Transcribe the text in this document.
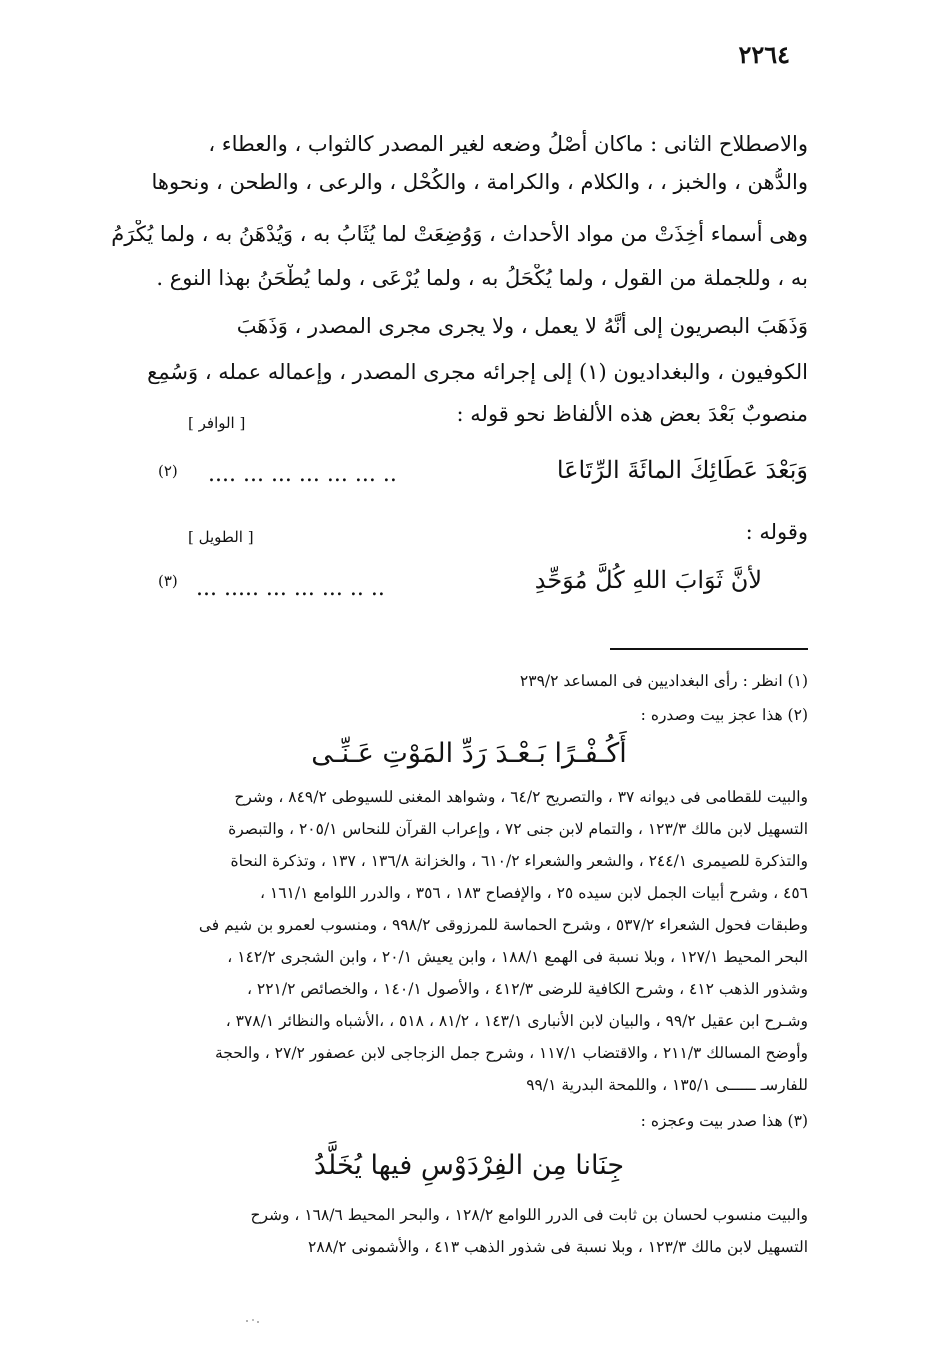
٢٢٦٤
والاصطلاح الثانى : ماكان أَصْلُ وضعه لغير المصدر كالثواب ، والعطاء ،
والدُّهن ، والخبز ، ، والكلام ، والكرامة ، والكُحْل ، والرعى ، والطحن ، ونحوها
وهى أسماء أُخِذَتْ من مواد الأحداث ، وَوُضِعَتْ لما يُثَابُ به ، وَيُدْهَنُ به ، ولما يُكْرَمُ
به ، وللجملة من القول ، ولما يُكْحَلُ به ، ولما يُرْعَى ، ولما يُطْحَنُ بهذا النوع .
وَذَهَبَ البصريون إلى أَنَّهُ لا يعمل ، ولا يجرى مجرى المصدر ، وَذَهَبَ
الكوفيون ، والبغداديون (١) إلى إجرائه مجرى المصدر ، وإعماله عمله ، وَسُمِع
منصوبٌ بَعْدَ بعض هذه الألفاظ نحو قوله :
[ الوافر ]
وَبَعْدَ عَطَائِكَ المائَةَ الرِّتَاعَا
(٢) .... ... ... ... ... ... ..
وقوله :
[ الطويل ]
لأنَّ ثَوَابَ اللهِ كُلَّ مُوَحِّدِ
(٣) ... ..... ... ... ... .. ..
(١) انظر : رأى البغداديين فى المساعد ٢٣٩/٢
(٢) هذا عجز بيت وصدره :
أَكُـفْـرًا بَـعْـدَ رَدِّ المَوْتِ عَـنِّـى
والبيت للقطامى فى ديوانه ٣٧ ، والتصريح ٦٤/٢ ، وشواهد المغنى للسيوطى ٨٤٩/٢ ، وشرح
التسهيل لابن مالك ١٢٣/٣ ، والتمام لابن جنى ٧٢ ، وإعراب القرآن للنحاس ٢٠٥/١ ، والتبصرة
والتذكرة للصيمرى ٢٤٤/١ ، والشعر والشعراء ٦١٠/٢ ، والخزانة ١٣٦/٨ ، ١٣٧ ، وتذكرة النحاة
٤٥٦ ، وشرح أبيات الجمل لابن سيده ٢٥ ، والإفصاح ١٨٣ ، ٣٥٦ ، والدرر اللوامع ١٦١/١ ،
وطبقات فحول الشعراء ٥٣٧/٢ ، وشرح الحماسة للمرزوقى ٩٩٨/٢ ، ومنسوب لعمرو بن شيم فى
البحر المحيط ١٢٧/١ ، وبلا نسبة فى الهمع ١٨٨/١ ، وابن يعيش ٢٠/١ ، وابن الشجرى ١٤٢/٢ ،
وشذور الذهب ٤١٢ ، وشرح الكافية للرضى ٤١٢/٣ ، والأصول ١٤٠/١ ، والخصائص ٢٢١/٢ ،
وشـرح ابن عقيل ٩٩/٢ ، والبيان لابن الأنبارى ١٤٣/١ ، ٨١/٢ ، ٥١٨ ، ،الأشباه والنظائر ٣٧٨/١ ،
وأوضح المسالك ٢١١/٣ ، والاقتضاب ١١٧/١ ، وشرح جمل الزجاجى لابن عصفور ٢٧/٢ ، والحجة
للفارسـ ــــــى ١٣٥/١ ، واللمحة البدرية ٩٩/١
(٣) هذا صدر بيت وعجزه :
جِنَانا مِن الفِرْدَوْسِ فيها يُخَلَّدُ
والبيت منسوب لحسان بن ثابت فى الدرر اللوامع ١٢٨/٢ ، والبحر المحيط ١٦٨/٦ ، وشرح
التسهيل لابن مالك ١٢٣/٣ ، وبلا نسبة فى شذور الذهب ٤١٣ ، والأشمونى ٢٨٨/٢
